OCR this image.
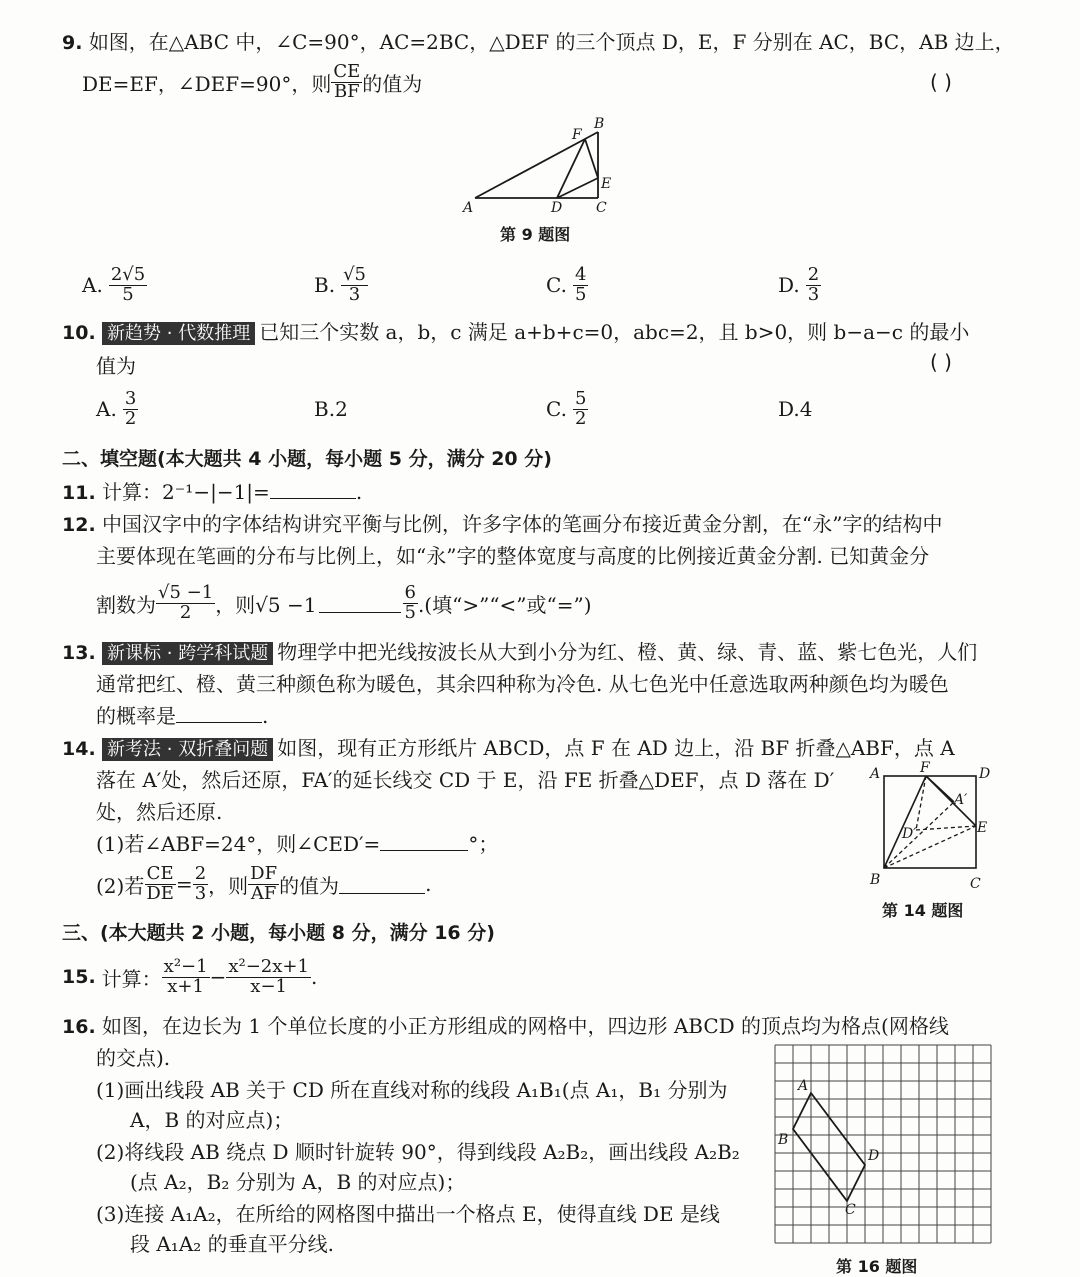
9. 如图，在△ABC 中，∠C=90°，AC=2BC，△DEF 的三个顶点 D，E，F 分别在 AC，BC，AB 边上，
DE=EF，∠DEF=90°，则 $\frac{CE}{BF}$ 的值为	( )
A
B
C
D
E
F
第 9 题图
A. $\frac{2√5}{5}$	B. $\frac{√5}{3}$	C. $\frac{4}{5}$	D. $\frac{2}{3}$
10. 新趋势 · 代数推理 已知三个实数 a，b，c 满足 a+b+c=0，abc=2，且 b>0，则 b−a−c 的最小
值为	( )
A. $\frac{3}{2}$	B. 2	C. $\frac{5}{2}$	D. 4
二、填空题(本大题共 4 小题，每小题 5 分，满分 20 分)
11. 计算：2⁻¹−|−1|=	.
12. 中国汉字中的字体结构讲究平衡与比例，许多字体的笔画分布接近黄金分割，在“永”字的结构中
主要体现在笔画的分布与比例上，如“永”字的整体宽度与高度的比例接近黄金分割. 已知黄金分
割数为 $\frac{√5 -1}{2}$ ，则√5 −1	$\frac{6}{5}$ .(填“>”“<”或“=”)
13. 新课标 · 跨学科试题 物理学中把光线按波长从大到小分为红、橙、黄、绿、青、蓝、紫七色光，人们
通常把红、橙、黄三种颜色称为暖色，其余四种称为冷色. 从七色光中任意选取两种颜色均为暖色
的概率是	.
14. 新考法 · 双折叠问题 如图，现有正方形纸片 ABCD，点 F 在 AD 边上，沿 BF 折叠△ABF，点 A
落在 A′处，然后还原，FA′的延长线交 CD 于 E，沿 FE 折叠△DEF，点 D 落在 D′
处，然后还原.
(1)若∠ABF=24°，则∠CED′=	°；
(2)若 $\frac{CE}{DE} = \frac{2}{3}$ ，则 $\frac{DF}{AF}$ 的值为	.
A
B	C
D
E
F
A′
D′
第 14 题图
三、(本大题共 2 小题，每小题 8 分，满分 16 分)
15. 计算： $\frac{\text{x²−1}}{x+1} - \frac{\text{x²−2x+1}}{x-1}$ .
16. 如图，在边长为 1 个单位长度的小正方形组成的网格中，四边形 ABCD 的顶点均为格点(网格线
的交点).
(1)画出线段 AB 关于 CD 所在直线对称的线段 A₁B₁(点 A₁，B₁ 分别为
A，B 的对应点)；
(2)将线段 AB 绕点 D 顺时针旋转 90°，得到线段 A₂B₂，画出线段 A₂B₂
(点 A₂，B₂ 分别为 A，B 的对应点)；
(3)连接 A₁A₂，在所给的网格图中描出一个格点 E，使得直线 DE 是线
段 A₁A₂ 的垂直平分线.
A
B
C
D
第 16 题图
